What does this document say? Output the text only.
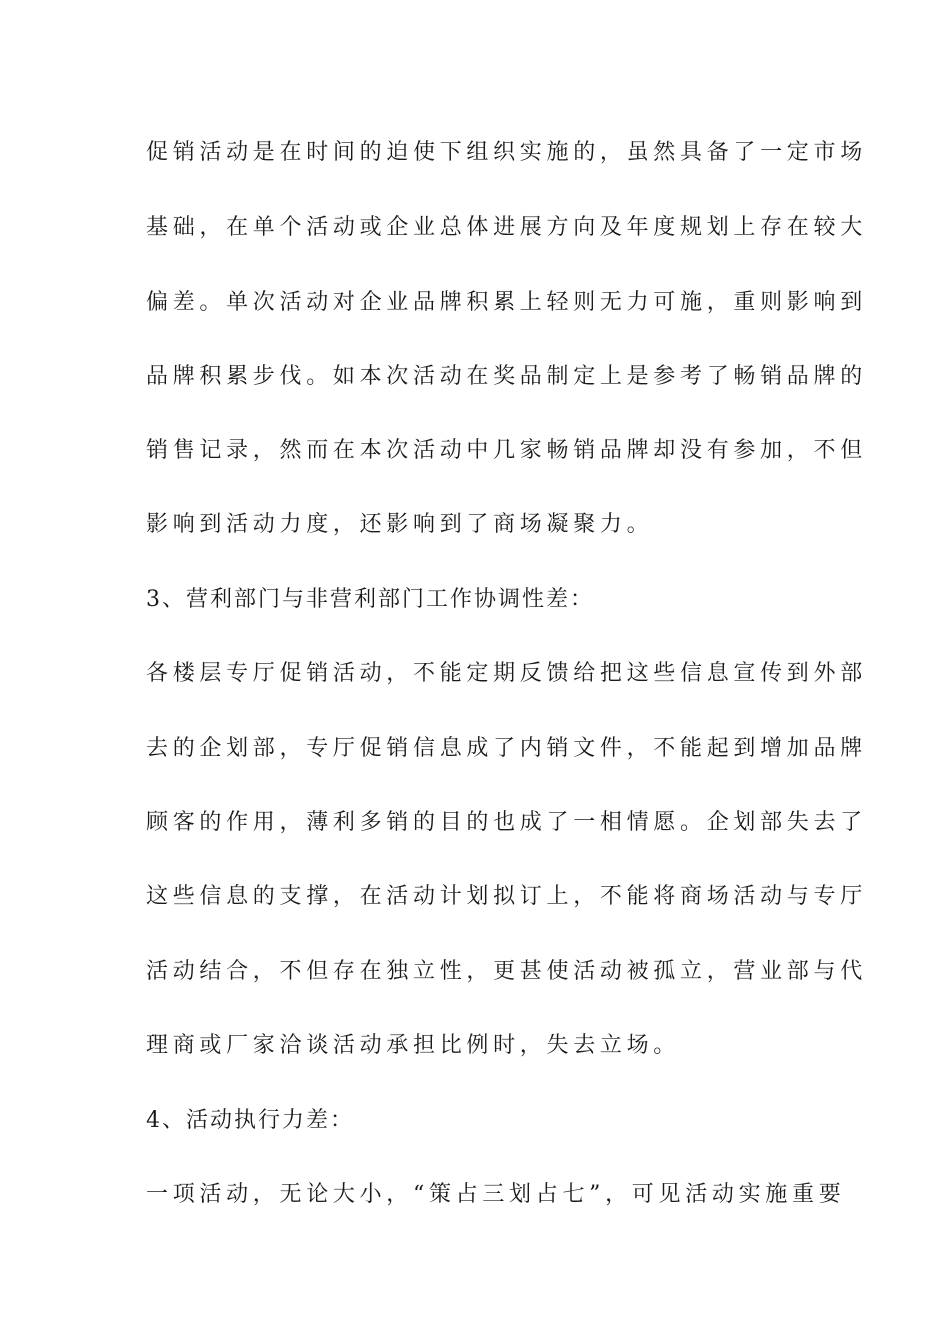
促销活动是在时间的迫使下组织实施的，虽然具备了一定市场
基础，在单个活动或企业总体进展方向及年度规划上存在较大
偏差。单次活动对企业品牌积累上轻则无力可施，重则影响到
品牌积累步伐。如本次活动在奖品制定上是参考了畅销品牌的
销售记录，然而在本次活动中几家畅销品牌却没有参加，不但
影响到活动力度，还影响到了商场凝聚力。
3、营利部门与非营利部门工作协调性差：
各楼层专厅促销活动，不能定期反馈给把这些信息宣传到外部
去的企划部，专厅促销信息成了内销文件，不能起到增加品牌
顾客的作用，薄利多销的目的也成了一相情愿。企划部失去了
这些信息的支撑，在活动计划拟订上，不能将商场活动与专厅
活动结合，不但存在独立性，更甚使活动被孤立，营业部与代
理商或厂家洽谈活动承担比例时，失去立场。
4、活动执行力差：
一项活动，无论大小，“策占三划占七”，可见活动实施重要
